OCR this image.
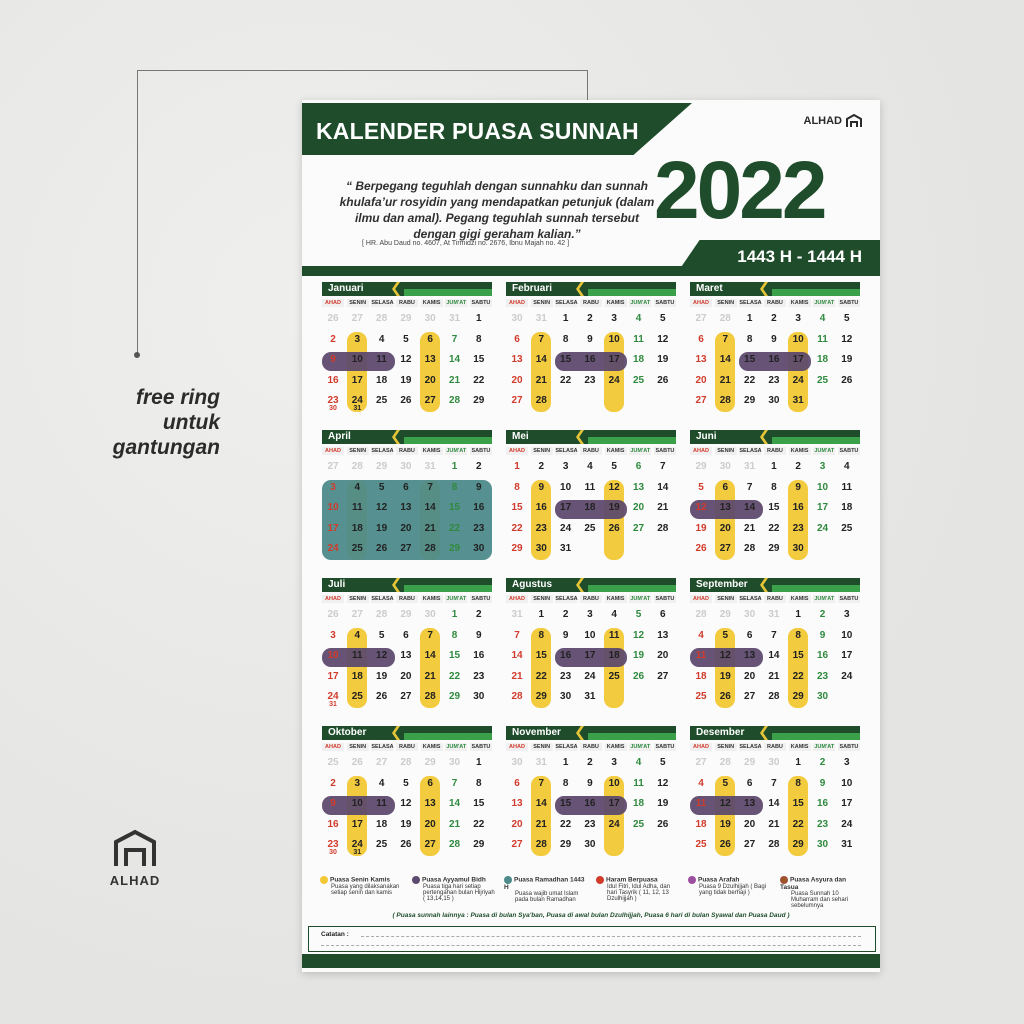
free ring
untuk
gantungan
ALHAD
KALENDER PUASA SUNNAH	ALHAD
“ Berpegang teguhlah dengan sunnahku dan sunnah khulafa’ur rosyidin yang mendapatkan petunjuk (dalam ilmu dan amal). Pegang teguhlah sunnah tersebut dengan gigi geraham kalian.”
[ HR. Abu Daud no. 4607, At Tirmidzi no. 2676, Ibnu Majah no. 42 ]
2022
1443 H - 1444 H
Januari
AHAD	SENIN SELASA RABU	KAMIS	JUM'AT SABTU
26	27	28	29	30	31	1
2	3	4	5	6	7	8
9	10	11	12	13	14	15
16	17	18	19	20	21	22
23	24	25	26	27	28	29
30	31
Februari
AHAD	SENIN SELASA RABU	KAMIS	JUM'AT SABTU
30	31	1	2	3	4	5
6	7	8	9	10	11	12
13	14	15	16	17	18	19
20	21	22	23	24	25	26
27	28
Maret
AHAD	SENIN SELASA RABU	KAMIS	JUM'AT SABTU
27	28	1	2	3	4	5
6	7	8	9	10	11	12
13	14	15	16	17	18	19
20	21	22	23	24	25	26
27	28	29	30	31
April
AHAD	SENIN SELASA RABU	KAMIS	JUM'AT SABTU
27	28	29	30	31	1	2
3	4	5	6	7	8	9
10	11	12	13	14	15	16
17	18	19	20	21	22	23
24	25	26	27	28	29	30
Mei
AHAD	SENIN SELASA RABU	KAMIS	JUM'AT SABTU
1	2	3	4	5	6	7
8	9	10	11	12	13	14
15	16	17	18	19	20	21
22	23	24	25	26	27	28
29	30	31
Juni
AHAD	SENIN SELASA RABU	KAMIS	JUM'AT SABTU
29	30	31	1	2	3	4
5	6	7	8	9	10	11
12	13	14	15	16	17	18
19	20	21	22	23	24	25
26	27	28	29	30
Juli
AHAD	SENIN SELASA RABU	KAMIS	JUM'AT SABTU
26	27	28	29	30	1	2
3	4	5	6	7	8	9
10	11	12	13	14	15	16
17	18	19	20	21	22	23
24	25	26	27	28	29	30
31
Agustus
AHAD	SENIN SELASA RABU	KAMIS	JUM'AT SABTU
31	1	2	3	4	5	6
7	8	9	10	11	12	13
14	15	16	17	18	19	20
21	22	23	24	25	26	27
28	29	30	31
September
AHAD	SENIN SELASA RABU	KAMIS	JUM'AT SABTU
28	29	30	31	1	2	3
4	5	6	7	8	9	10
11	12	13	14	15	16	17
18	19	20	21	22	23	24
25	26	27	28	29	30
Oktober
AHAD	SENIN SELASA RABU	KAMIS	JUM'AT SABTU
25	26	27	28	29	30	1
2	3	4	5	6	7	8
9	10	11	12	13	14	15
16	17	18	19	20	21	22
23	24	25	26	27	28	29
30	31
November
AHAD	SENIN SELASA RABU	KAMIS	JUM'AT SABTU
30	31	1	2	3	4	5
6	7	8	9	10	11	12
13	14	15	16	17	18	19
20	21	22	23	24	25	26
27	28	29	30
Desember
AHAD	SENIN SELASA RABU	KAMIS	JUM'AT SABTU
27	28	29	30	1	2	3
4	5	6	7	8	9	10
11	12	13	14	15	16	17
18	19	20	21	22	23	24
25	26	27	28	29	30	31
Puasa Senin Kamis
Puasa yang dilaksanakan setiap senin dan kamis
Puasa Ayyamul Bidh
Puasa tiga hari setiap pertengahan bulan Hijriyah ( 13,14,15 )
Puasa Ramadhan 1443 H
Puasa wajib umat Islam pada bulan Ramadhan
Haram Berpuasa
Idul Fitri, Idul Adha, dan hari Tasyrik ( 11, 12, 13 Dzulhijjah )
Puasa Arafah
Puasa 9 Dzulhijjah ( Bagi yang tidak berhaji )
Puasa Asyura dan Tasua
Puasa Sunnah 10 Muharram dan sehari sebelumnya
( Puasa sunnah lainnya : Puasa di bulan Sya'ban, Puasa di awal bulan Dzulhijjah, Puasa 6 hari di bulan Syawal dan Puasa Daud )
Catatan :
